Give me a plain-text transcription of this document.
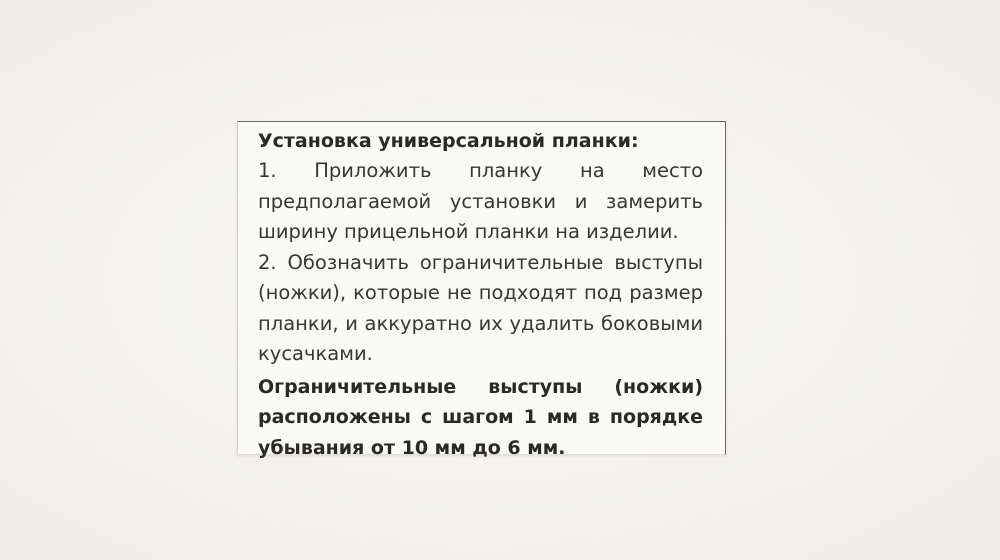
Установка универсальной планки:

1. Приложить планку на место предполагаемой установки и замерить ширину прицельной планки на изделии.

2. Обозначить ограничительные выступы (ножки), которые не подходят под размер планки, и аккуратно их удалить боковыми кусачками.

Ограничительные выступы (ножки) расположены с шагом 1 мм в порядке убывания от 10 мм до 6 мм.
